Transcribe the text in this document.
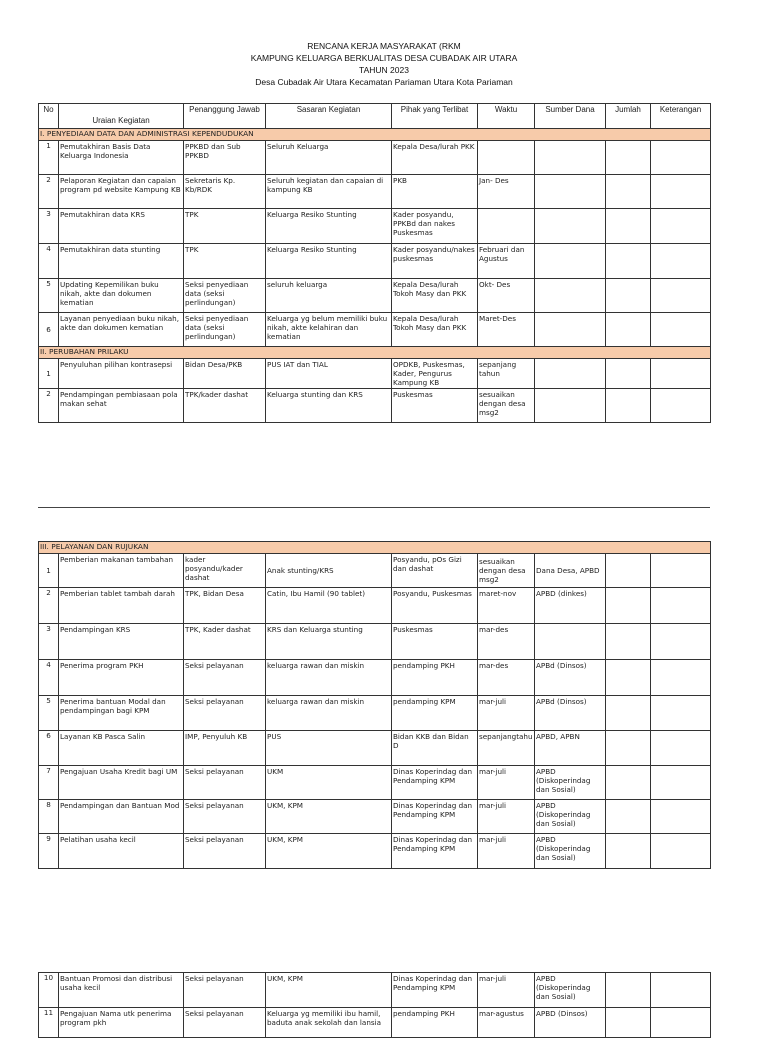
RENCANA KERJA MASYARAKAT (RKM
KAMPUNG KELUARGA BERKUALITAS DESA CUBADAK AIR UTARA
TAHUN 2023
Desa Cubadak Air Utara Kecamatan Pariaman Utara Kota Pariaman
No	Uraian Kegiatan	Penanggung Jawab	Sasaran Kegiatan	Pihak yang Terlibat	Waktu	Sumber Dana	Jumlah	Keterangan
I. PENYEDIAAN DATA DAN ADMINISTRASI KEPENDUDUKAN								
1	Pemutakhiran Basis Data Keluarga Indonesia	PPKBD dan Sub PPKBD	Seluruh Keluarga	Kepala Desa/lurah PKK				
2	Pelaporan Kegiatan dan capaian program pd website Kampung KB	Sekretaris Kp. Kb/RDK	Seluruh kegiatan dan capaian di kampung KB	PKB	Jan- Des			
3	Pemutakhiran data KRS	TPK	Keluarga Resiko Stunting	Kader posyandu, PPKBd dan nakes Puskesmas				
4	Pemutakhiran data stunting	TPK	Keluarga Resiko Stunting	Kader posyandu/nakes puskesmas	Februari dan Agustus			
5	Updating Kepemilikan buku nikah, akte dan dokumen kematian	Seksi penyediaan data (seksi perlindungan)	seluruh keluarga	Kepala Desa/lurah Tokoh Masy dan PKK	Okt- Des			
6	Layanan penyediaan buku nikah, akte dan dokumen kematian	Seksi penyediaan data (seksi perlindungan)	Keluarga yg belum memiliki buku nikah, akte kelahiran dan kematian	Kepala Desa/lurah Tokoh Masy dan PKK	Maret-Des			
II. PERUBAHAN PRILAKU								
1	Penyuluhan pilihan kontrasepsi	Bidan Desa/PKB	PUS IAT dan TIAL	OPDKB, Puskesmas, Kader, Pengurus Kampung KB	sepanjang tahun			
2	Pendampingan pembiasaan pola makan sehat	TPK/kader dashat	Keluarga stunting dan KRS	Puskesmas	sesuaikan dengan desa msg2			
III. PELAYANAN DAN RUJUKAN								
1	Pemberian makanan tambahan	kader posyandu/kader dashat	Anak stunting/KRS	Posyandu, pOs Gizi dan dashat	sesuaikan dengan desa msg2	Dana Desa, APBD		
2	Pemberian tablet tambah darah	TPK, Bidan Desa	Catin, Ibu Hamil (90 tablet)	Posyandu, Puskesmas	maret-nov	APBD (dinkes)		
3	Pendampingan KRS	TPK, Kader dashat	KRS dan Keluarga stunting	Puskesmas	mar-des			
4	Penerima program PKH	Seksi pelayanan	keluarga rawan dan miskin	pendamping PKH	mar-des	APBd (Dinsos)		
5	Penerima bantuan Modal dan pendampingan bagi KPM	Seksi pelayanan	keluarga rawan dan miskin	pendamping KPM	mar-juli	APBd (Dinsos)		
6	Layanan KB Pasca Salin	IMP, Penyuluh KB	PUS	Bidan KKB dan Bidan D	sepanjangtahu	APBD, APBN		
7	Pengajuan Usaha Kredit bagi UM	Seksi pelayanan	UKM	Dinas Koperindag dan Pendamping KPM	mar-juli	APBD (Diskoperindag dan Sosial)		
8	Pendampingan dan Bantuan Mod	Seksi pelayanan	UKM, KPM	Dinas Koperindag dan Pendamping KPM	mar-juli	APBD (Diskoperindag dan Sosial)		
9	Pelatihan usaha kecil	Seksi pelayanan	UKM, KPM	Dinas Koperindag dan Pendamping KPM	mar-juli	APBD (Diskoperindag dan Sosial)		
10	Bantuan Promosi dan distribusi usaha kecil	Seksi pelayanan	UKM, KPM	Dinas Koperindag dan Pendamping KPM	mar-juli	APBD (Diskoperindag dan Sosial)		
11	Pengajuan Nama utk penerima program pkh	Seksi pelayanan	Keluarga yg memiliki ibu hamil, baduta anak sekolah dan lansia	pendamping PKH	mar-agustus	APBD (Dinsos)		
